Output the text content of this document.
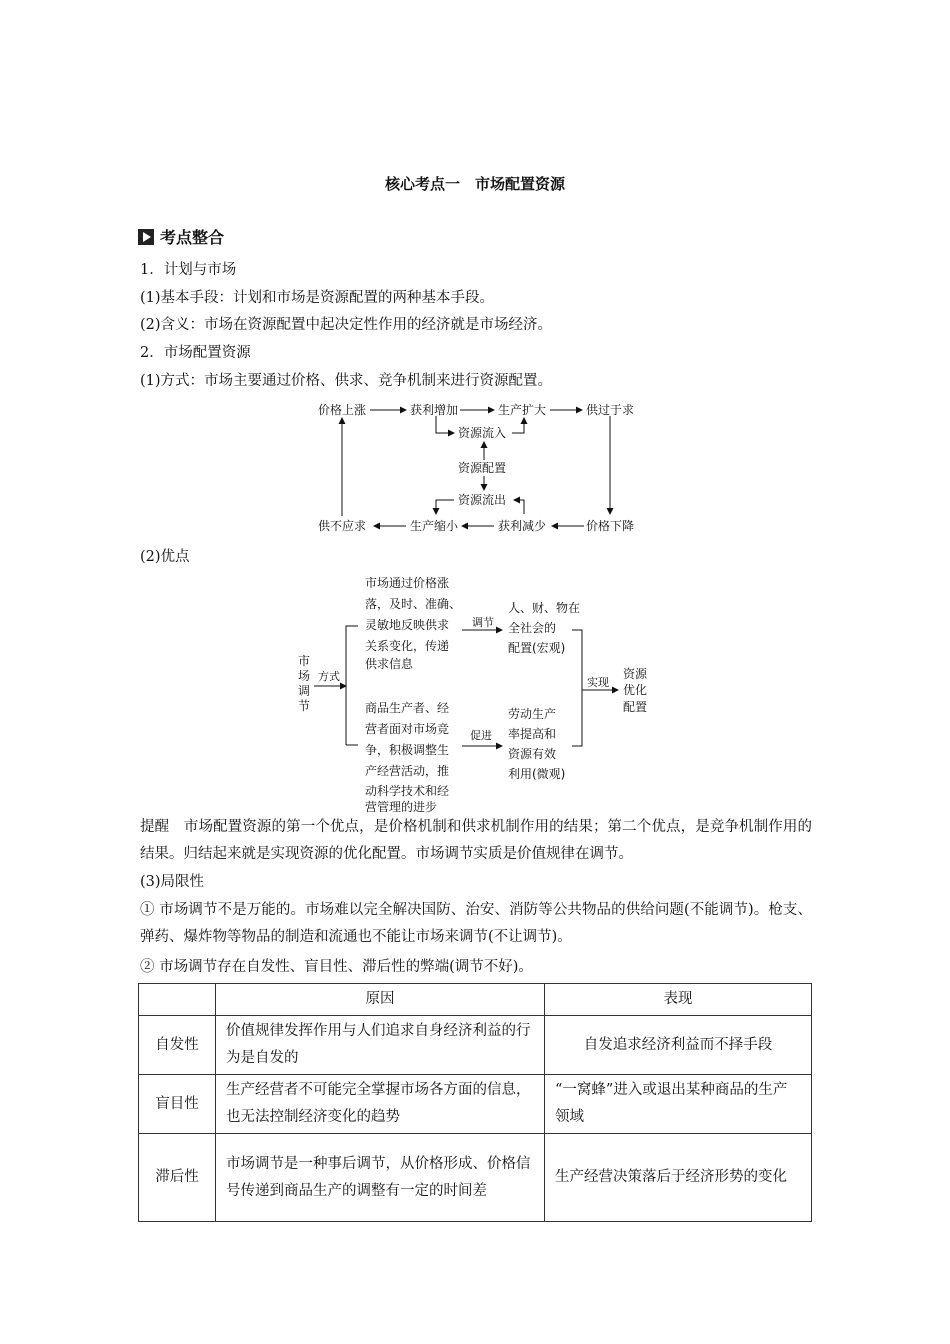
核心考点一　市场配置资源
考点整合
1．计划与市场
(1)基本手段：计划和市场是资源配置的两种基本手段。
(2)含义：市场在资源配置中起决定性作用的经济就是市场经济。
2．市场配置资源
(1)方式：市场主要通过价格、供求、竞争机制来进行资源配置。
价格上涨	获利增加	生产扩大	供过于求
资源流入
资源配置
资源流出
供不应求	生产缩小	获利减少	价格下降
(2)优点
市
场
调
节
方式
市场通过价格涨
落，及时、准确、
灵敏地反映供求
关系变化，传递
供求信息
调节
人、财、物在
全社会的
配置(宏观)
商品生产者、经
营者面对市场竞
争，积极调整生
产经营活动，推
动科学技术和经
营管理的进步
促进
劳动生产
率提高和
资源有效
利用(微观)
实现
资源
优化
配置
提醒　市场配置资源的第一个优点，是价格机制和供求机制作用的结果；第二个优点，是竞争机制作用的结果。归结起来就是实现资源的优化配置。市场调节实质是价值规律在调节。
(3)局限性
① 市场调节不是万能的。市场难以完全解决国防、治安、消防等公共物品的供给问题(不能调节)。枪支、弹药、爆炸物等物品的制造和流通也不能让市场来调节(不让调节)。
② 市场调节存在自发性、盲目性、滞后性的弊端(调节不好)。
	原因	表现
自发性	价值规律发挥作用与人们追求自身经济利益的行为是自发的	自发追求经济利益而不择手段
盲目性	生产经营者不可能完全掌握市场各方面的信息，也无法控制经济变化的趋势	“一窝蜂”进入或退出某种商品的生产领域
滞后性	市场调节是一种事后调节，从价格形成、价格信号传递到商品生产的调整有一定的时间差	生产经营决策落后于经济形势的变化
